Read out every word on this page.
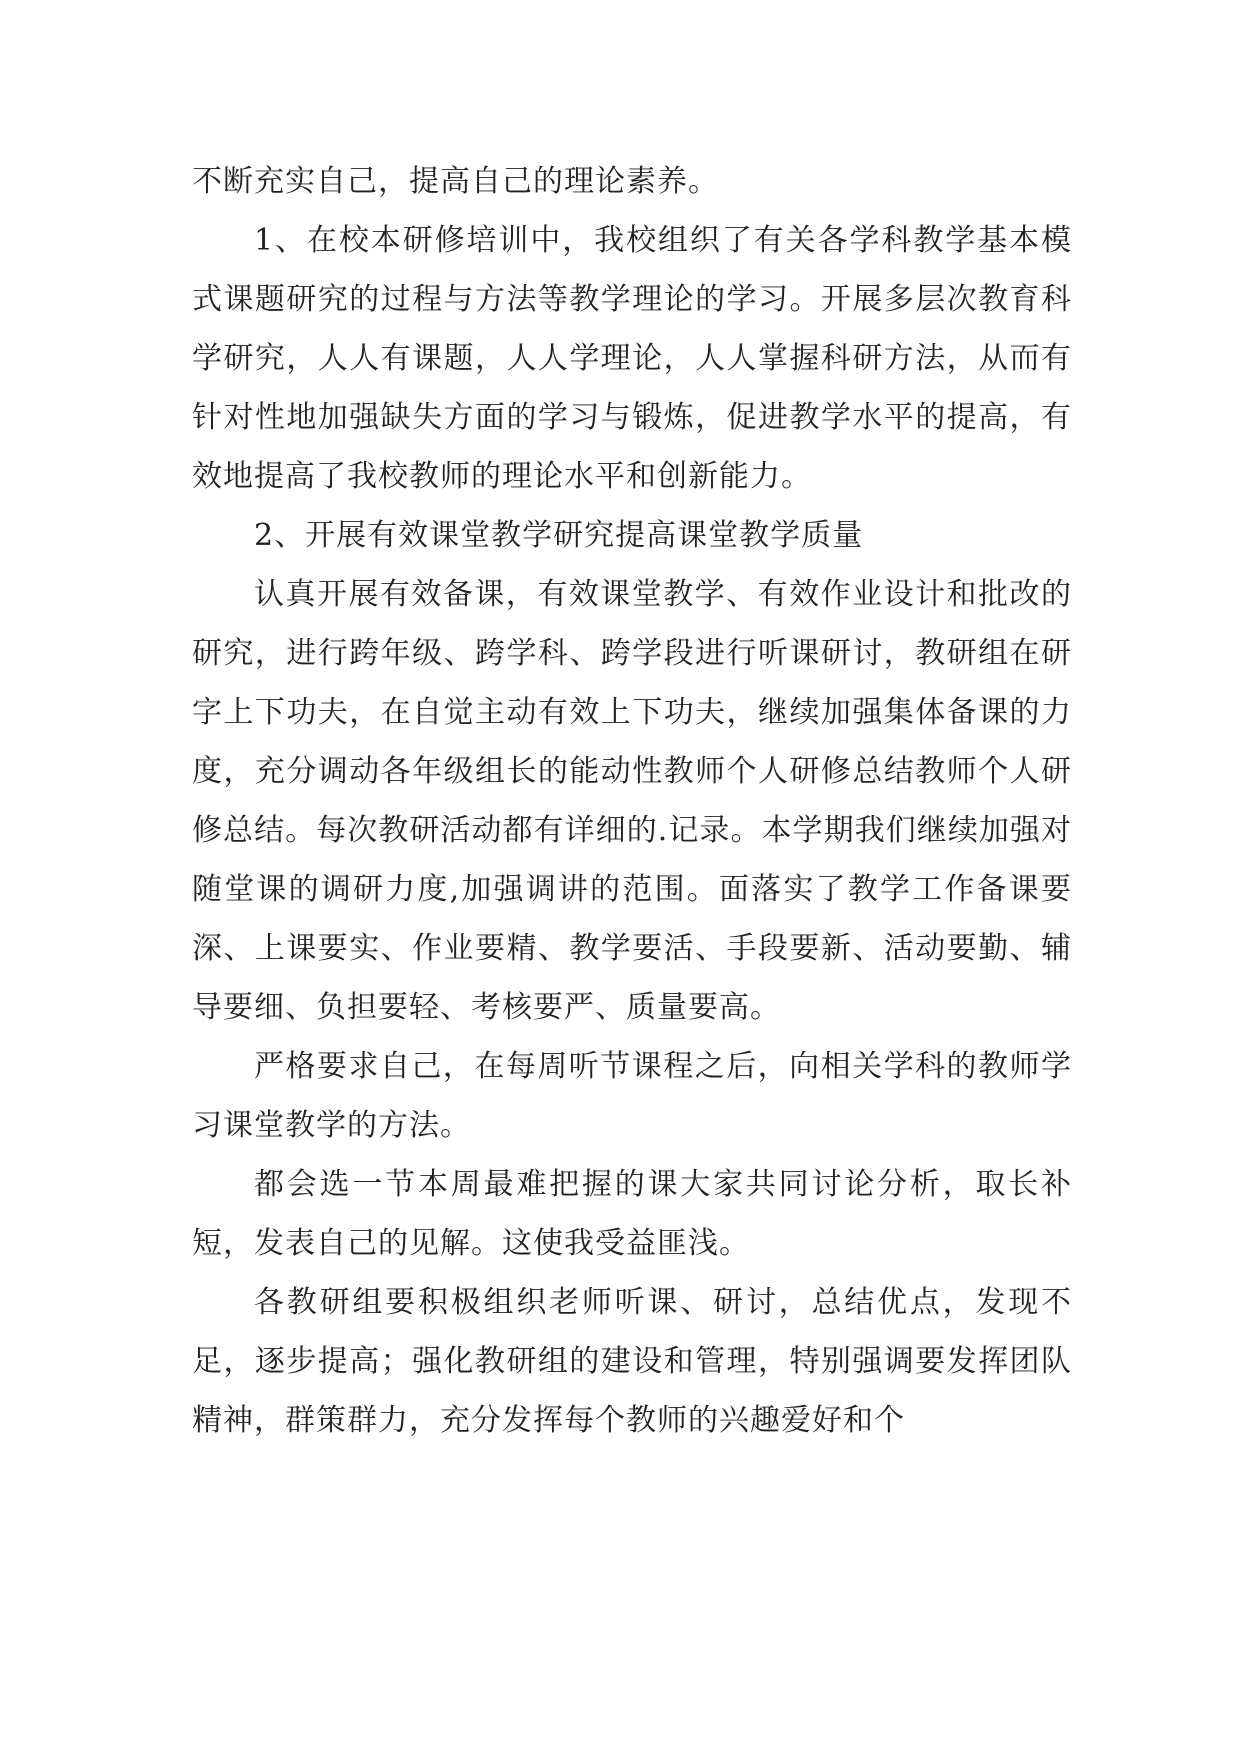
不断充实自己，提高自己的理论素养。

1、在校本研修培训中，我校组织了有关各学科教学基本模式课题研究的过程与方法等教学理论的学习。开展多层次教育科学研究，人人有课题，人人学理论，人人掌握科研方法，从而有针对性地加强缺失方面的学习与锻炼，促进教学水平的提高，有效地提高了我校教师的理论水平和创新能力。

2、开展有效课堂教学研究提高课堂教学质量

认真开展有效备课，有效课堂教学、有效作业设计和批改的研究，进行跨年级、跨学科、跨学段进行听课研讨，教研组在研字上下功夫，在自觉主动有效上下功夫，继续加强集体备课的力度，充分调动各年级组长的能动性教师个人研修总结教师个人研修总结。每次教研活动都有详细的.记录。本学期我们继续加强对随堂课的调研力度,加强调讲的范围。面落实了教学工作备课要深、上课要实、作业要精、教学要活、手段要新、活动要勤、辅导要细、负担要轻、考核要严、质量要高。

严格要求自己，在每周听节课程之后，向相关学科的教师学习课堂教学的方法。

都会选一节本周最难把握的课大家共同讨论分析，取长补短，发表自己的见解。这使我受益匪浅。

各教研组要积极组织老师听课、研讨，总结优点，发现不足，逐步提高；强化教研组的建设和管理，特别强调要发挥团队精神，群策群力，充分发挥每个教师的兴趣爱好和个
